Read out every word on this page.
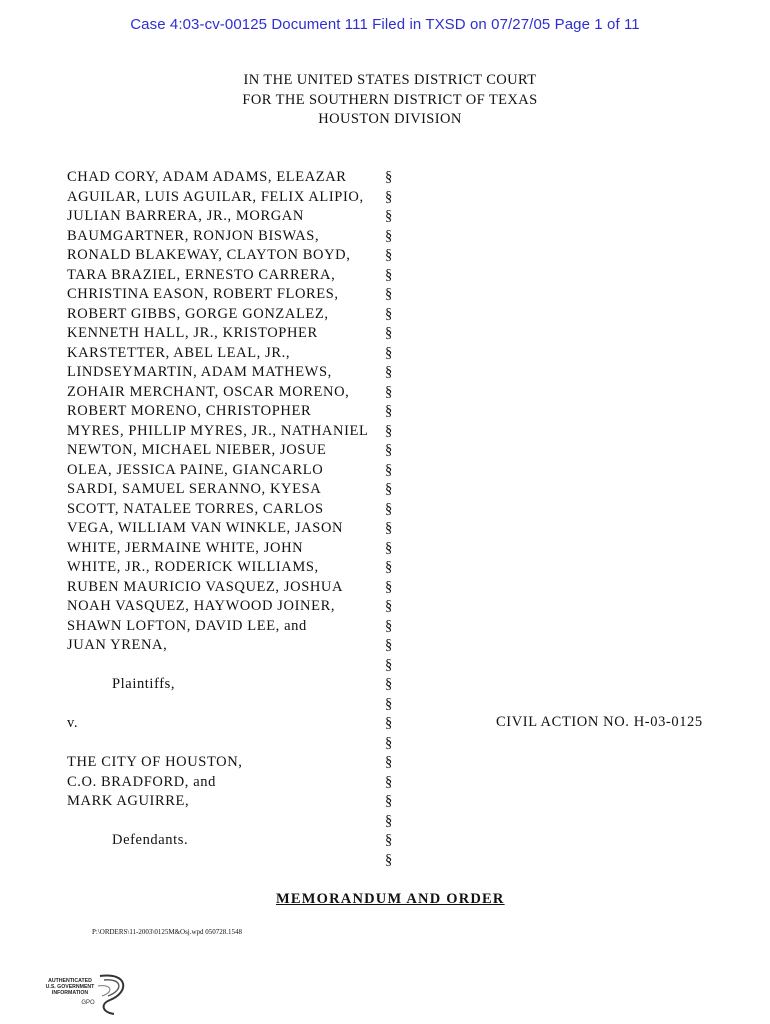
Case 4:03-cv-00125 Document 111 Filed in TXSD on 07/27/05 Page 1 of 11
IN THE UNITED STATES DISTRICT COURT
FOR THE SOUTHERN DISTRICT OF TEXAS
HOUSTON DIVISION
CHAD CORY, ADAM ADAMS, ELEAZAR
AGUILAR, LUIS AGUILAR, FELIX ALIPIO,
JULIAN BARRERA, JR., MORGAN
BAUMGARTNER, RONJON BISWAS,
RONALD BLAKEWAY, CLAYTON BOYD,
TARA BRAZIEL, ERNESTO CARRERA,
CHRISTINA EASON, ROBERT FLORES,
ROBERT GIBBS, GORGE GONZALEZ,
KENNETH HALL, JR., KRISTOPHER
KARSTETTER, ABEL LEAL, JR.,
LINDSEYMARTIN, ADAM MATHEWS,
ZOHAIR MERCHANT, OSCAR MORENO,
ROBERT MORENO, CHRISTOPHER
MYRES, PHILLIP MYRES, JR., NATHANIEL
NEWTON, MICHAEL NIEBER, JOSUE
OLEA, JESSICA PAINE, GIANCARLO
SARDI, SAMUEL SERANNO, KYESA
SCOTT, NATALEE TORRES, CARLOS
VEGA, WILLIAM VAN WINKLE, JASON
WHITE, JERMAINE WHITE, JOHN
WHITE, JR., RODERICK WILLIAMS,
RUBEN MAURICIO VASQUEZ, JOSHUA
NOAH VASQUEZ, HAYWOOD JOINER,
SHAWN LOFTON, DAVID LEE, and
JUAN YRENA,
Plaintiffs,
v.
THE CITY OF HOUSTON,
C.O. BRADFORD, and
MARK AGUIRRE,
Defendants.
§
§
§
§
§
§
§
§
§
§
§
§
§
§
§
§
§
§
§
§
§
§
§
§
§
§
§
§
§
§
§
§
§
§
§
§
CIVIL ACTION NO. H-03-0125
MEMORANDUM AND ORDER
P:\ORDERS\11-2003\0125M&Osj.wpd 050728.1548
AUTHENTICATED
U.S. GOVERNMENT
INFORMATION
GPO
